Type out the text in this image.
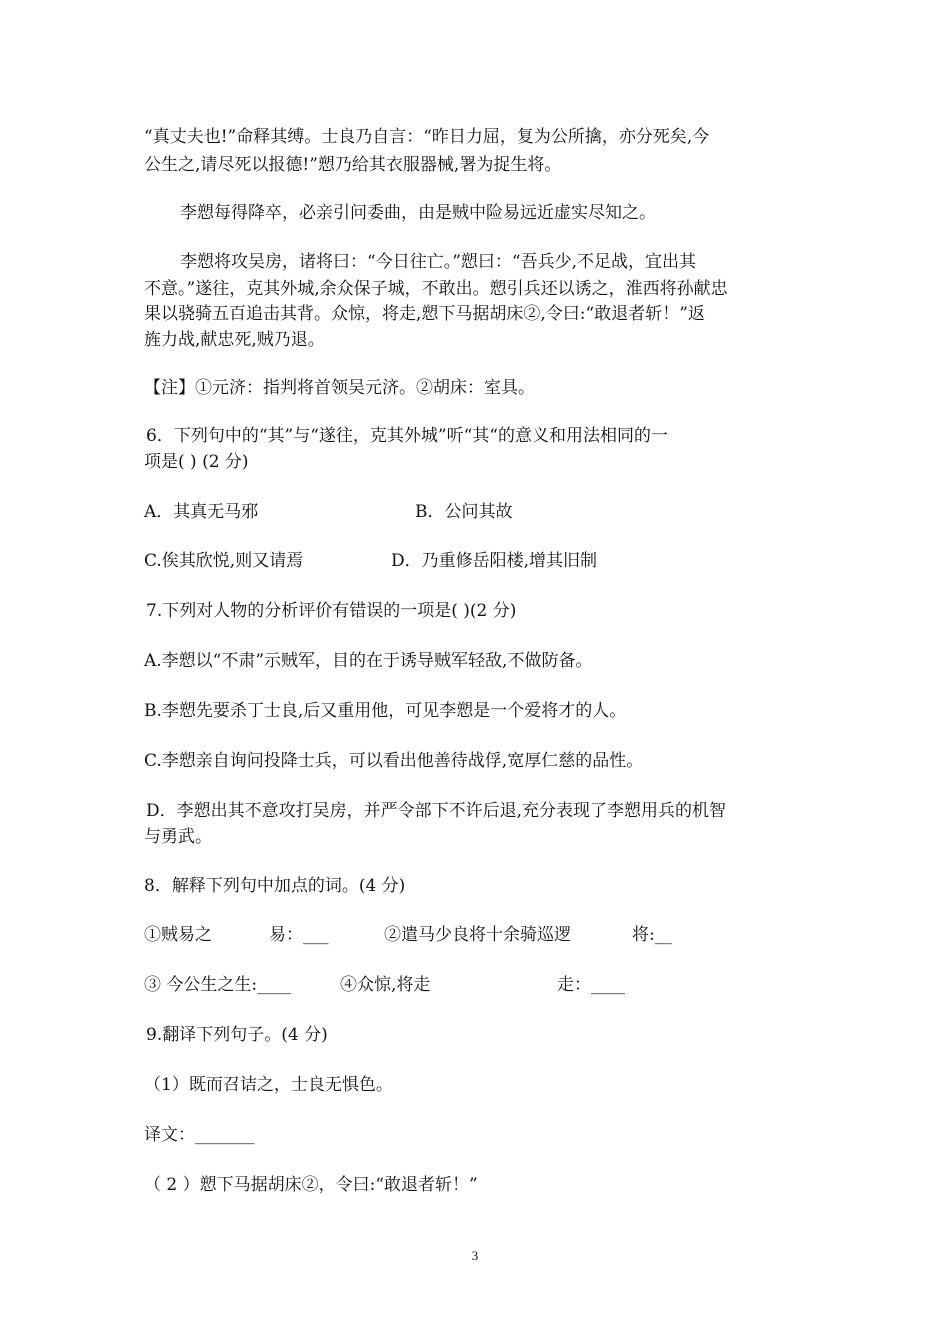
“真丈夫也!”命释其缚。士良乃自言：“昨日力屈，复为公所擒，亦分死矣,今
公生之,请尽死以报德!”愬乃给其衣服器械,署为捉生将。
李愬每得降卒，必亲引问委曲，由是贼中险易远近虚实尽知之。
李愬将攻吴房，诸将曰：“今日往亡。”愬曰：“吾兵少,不足战，宜出其
不意。”遂往，克其外城,余众保子城，不敢出。愬引兵还以诱之，淮西将孙献忠
果以骁骑五百追击其背。众惊，将走,愬下马据胡床②,令曰:“敢退者斩！”返
旌力战,献忠死,贼乃退。
【注】①元济：指判将首领吴元济。②胡床：室具。
6．下列句中的“其”与“遂往，克其外城”听“其“的意义和用法相同的一
项是( ) (2 分)
A．其真无马邪	B．公问其故
C.俟其欣悦,则又请焉	D．乃重修岳阳楼,增其旧制
7.下列对人物的分析评价有错误的一项是( )(2 分)
A.李愬以“不肃”示贼军，目的在于诱导贼军轻敌,不做防备。
B.李愬先要杀丁士良,后又重用他，可见李愬是一个爱将才的人。
C.李愬亲自询问投降士兵，可以看出他善待战俘,宽厚仁慈的品性。
D．李愬出其不意攻打吴房，并严令部下不许后退,充分表现了李愬用兵的机智
与勇武。
8．解释下列句中加点的词。(4 分)
①贼易之	易：___	②遣马少良将十余骑巡逻	将:__
③ 今公生之生:____	④众惊,将走	走：____
9.翻译下列句子。(4 分)
（1）既而召诘之，士良无惧色。
译文：_______
（ 2 ）愬下马据胡床②，令曰:“敢退者斩！”
3
